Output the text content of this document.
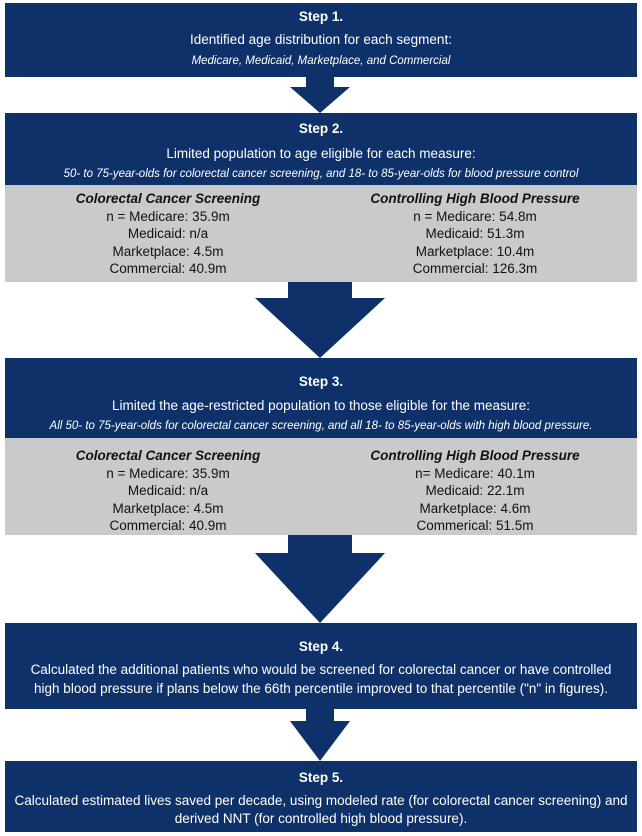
Step 1.
Identified age distribution for each segment:
Medicare, Medicaid, Marketplace, and Commercial
Step 2.
Limited population to age eligible for each measure:
50- to 75-year-olds for colorectal cancer screening, and 18- to 85-year-olds for blood pressure control
Colorectal Cancer Screening
n = Medicare: 35.9m
Medicaid: n/a
Marketplace: 4.5m
Commercial: 40.9m
Controlling High Blood Pressure
n = Medicare: 54.8m
Medicaid: 51.3m
Marketplace: 10.4m
Commercial: 126.3m
Step 3.
Limited the age-restricted population to those eligible for the measure:
All 50- to 75-year-olds for colorectal cancer screening, and all 18- to 85-year-olds with high blood pressure.
Colorectal Cancer Screening
n = Medicare: 35.9m
Medicaid: n/a
Marketplace: 4.5m
Commercial: 40.9m
Controlling High Blood Pressure
n= Medicare: 40.1m
Medicaid: 22.1m
Marketplace: 4.6m
Commerical: 51.5m
Step 4.
Calculated the additional patients who would be screened for colorectal cancer or have controlled
high blood pressure if plans below the 66th percentile improved to that percentile ("n" in figures).
Step 5.
Calculated estimated lives saved per decade, using modeled rate (for colorectal cancer screening) and
derived NNT (for controlled high blood pressure).
